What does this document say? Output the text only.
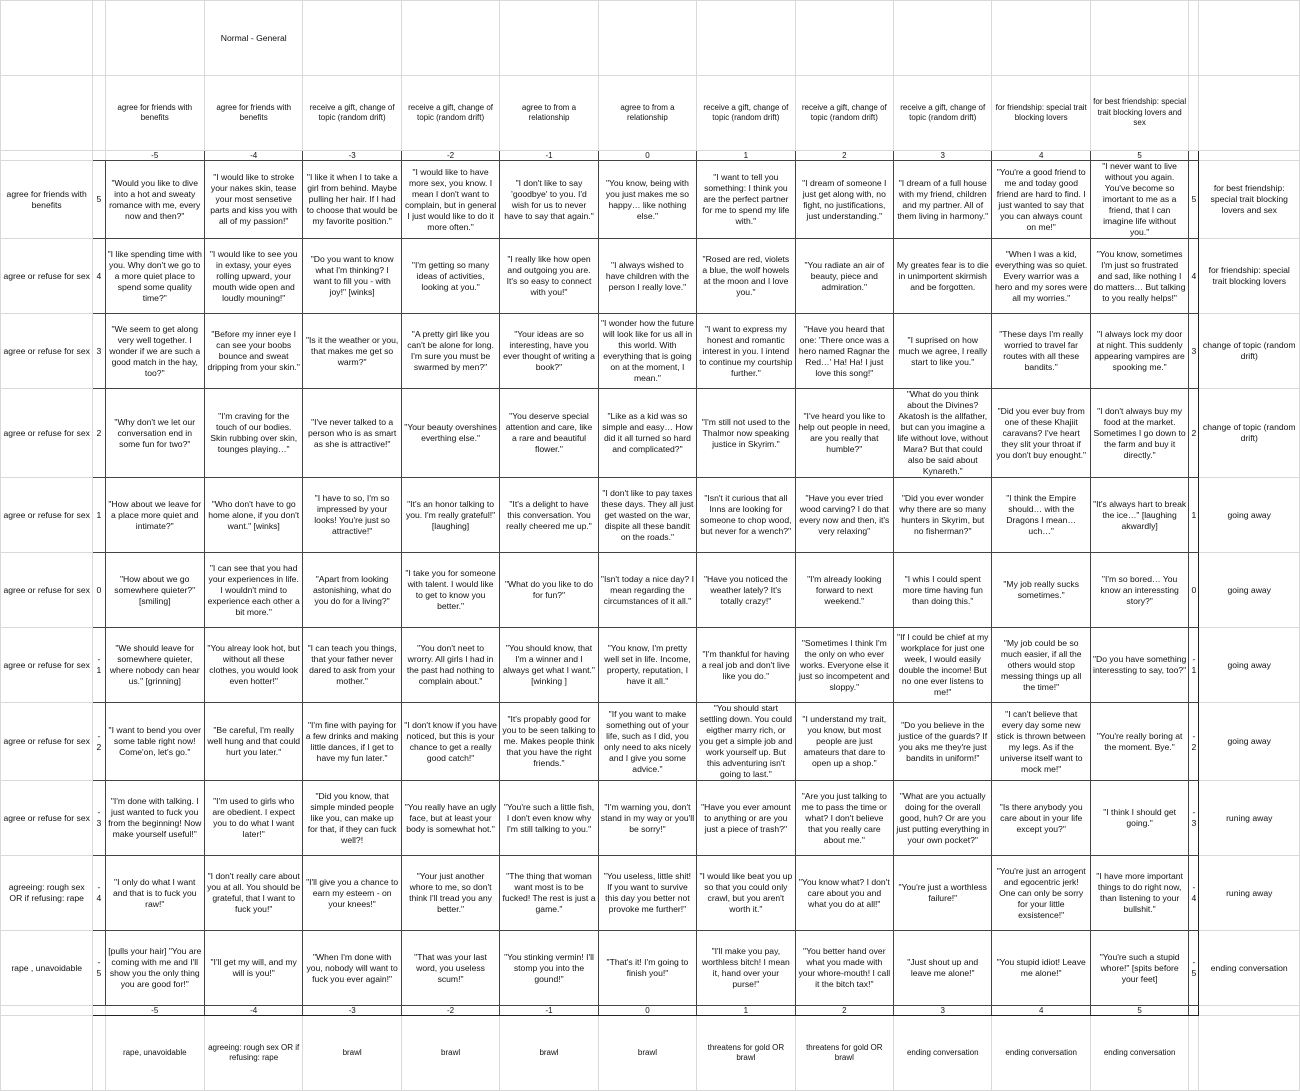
			Normal - General											
		agree for friends with benefits	agree for friends with benefits	receive a gift, change of topic (random drift)	receive a gift, change of topic (random drift)	agree to from a relationship	agree to from a relationship	receive a gift, change of topic (random drift)	receive a gift, change of topic (random drift)	receive a gift, change of topic (random drift)	for friendship: special trait blocking lovers	for best friendship: special trait blocking lovers and sex		
		-5	-4	-3	-2	-1	0	1	2	3	4	5		
agree for friends with benefits	5	"Would you like to dive into a hot and sweaty romance with me, every now and then?"	"I would like to stroke your nakes skin, tease your most sensetive parts and kiss you with all of my passion!"	"I like it when I to take a girl from behind. Maybe pulling her hair. If I had to choose that would be my favorite position."	"I would like to have more sex, you know. I mean I don't want to complain, but in general I just would like to do it more often."	"I don't like to say 'goodbye' to you. I'd wish for us to never have to say that again."	"You know, being with you just makes me so happy… like nothing else."	"I want to tell you something: I think you are the perfect partner for me to spend my life with."	"I dream of someone I just get along with, no fight, no justifications, just understanding."	"I dream of a full house with my friend, children and my partner. All of them living in harmony."	"You're a good friend to me and today good friend are hard to find. I just wanted to say that you can always count on me!"	"I never want to live without you again. You've become so imortant to me as a friend, that I can imagine life without you."	5	for best friendship: special trait blocking lovers and sex
agree or refuse for sex	4	"I like spending time with you. Why don't we go to a more quiet place to spend some quality time?"	"I would like to see you in extasy, your eyes rolling upward, your mouth wide open and loudly mouning!"	"Do you want to know what I'm thinking? I want to fill you - with joy!" [winks]	"I'm getting so many ideas of activities, looking at you."	"I really like how open and outgoing you are. It's so easy to connect with you!"	"I always wished to have children with the person I really love."	"Rosed are red, violets a blue, the wolf howels at the moon and I love you."	"You radiate an air of beauty, piece and admiration."	My greates fear is to die in unimportent skirmish and be forgotten.	"When I was a kid, everything was so quiet. Every warrior was a hero and my sores were all my worries."	"You know, sometimes I'm just so frustrated and sad, like nothing I do matters… But talking to you really helps!"	4	for friendship: special trait blocking lovers
agree or refuse for sex	3	"We seem to get along very well together. I wonder if we are such a good match in the hay, too?"	"Before my inner eye I can see your boobs bounce and sweat dripping from your skin."	"Is it the weather or you, that makes me get so warm?"	"A pretty girl like you can't be alone for long. I'm sure you must be swarmed by men?"	"Your ideas are so interesting, have you ever thought of writing a book?"	"I wonder how the future will look like for us all in this world. With everything that is going on at the moment, I mean."	"I want to express my honest and romantic interest in you. I intend to continue my courtship further."	"Have you heard that one: 'There once was a hero named Ragnar the Red…' Ha! Ha! I just love this song!"	"I suprised on how much we agree, I really start to like you."	"These days I'm really worried to travel far routes with all these bandits."	"I always lock my door at night. This suddenly appearing vampires are spooking me."	3	change of topic (random drift)
agree or refuse for sex	2	"Why don't we let our conversation end in some fun for two?"	"I'm craving for the touch of our bodies. Skin rubbing over skin, tounges playing…"	"I've never talked to a person who is as smart as she is attractive!"	"Your beauty overshines everthing else."	"You deserve special attention and care, like a rare and beautiful flower."	"Like as a kid was so simple and easy… How did it all turned so hard and complicated?"	"I'm still not used to the Thalmor now speaking justice in Skyrim."	"I've heard you like to help out people in need, are you really that humble?"	"What do you think about the Divines? Akatosh is the allfather, but can you imagine a life without love, without Mara? But that could also be said about Kynareth."	"Did you ever buy from one of these Khajiit caravans? I've heart they slit your throat if you don't buy enought."	"I don't always buy my food at the market. Sometimes I go down to the farm and buy it directly."	2	change of topic (random drift)
agree or refuse for sex	1	"How about we leave for a place more quiet and intimate?"	"Who don't have to go home alone, if you don't want." [winks]	"I have to so, I'm so impressed by your looks! You're just so attractive!"	"It's an honor talking to you. I'm really grateful!" [laughing]	"It's a delight to have this conversation. You really cheered me up."	"I don't like to pay taxes these days. They all just get wasted on the war, dispite all these bandit on the roads."	"Isn't it curious that all Inns are looking for someone to chop wood, but never for a wench?"	"Have you ever tried wood carving? I do that every now and then, it's very relaxing"	"Did you ever wonder why there are so many hunters in Skyrim, but no fisherman?"	"I think the Empire should… with the Dragons I mean… uch…"	"It's always hart to break the ice…" [laughing akwardly]	1	going away
agree or refuse for sex	0	"How about we go somewhere quieter?" [smiling]	"I can see that you had your experiences in life. I wouldn't mind to experience each other a bit more."	"Apart from looking astonishing, what do you do for a living?"	"I take you for someone with talent. I would like to get to know you better."	"What do you like to do for fun?"	"Isn't today a nice day? I mean regarding the circumstances of it all."	"Have you noticed the weather lately? It's totally crazy!"	"I'm already looking forward to next weekend."	"I whis I could spent more time having fun than doing this."	"My job really sucks sometimes."	"I'm so bored… You know an interessting story?"	0	going away
agree or refuse for sex	-1	"We should leave for somewhere quieter, where nobody can hear us." [grinning]	"You alreay look hot, but without all these clothes, you would look even hotter!"	"I can teach you things, that your father never dared to ask from your mother."	"You don't neet to wrorry. All girls I had in the past had nothing to complain about."	"You should know, that I'm a winner and I always get what I want." [winking ]	"You know, I'm pretty well set in life. Income, property, reputation, I have it all."	"I'm thankful for having a real job and don't live like you do."	"Sometimes I think I'm the only on who ever works. Everyone else it just so incompetent and sloppy."	"If I could be chief at my workplace for just one week, I would easily double the income! But no one ever listens to me!"	"My job could be so much easier, if all the others would stop messing things up all the time!"	"Do you have something interessting to say, too?"	-1	going away
agree or refuse for sex	-2	"I want to bend you over some table right now! Come'on, let's go."	"Be careful, I'm really well hung and that could hurt you later."	"I'm fine with paying for a few drinks and making little dances, if I get to have my fun later."	"I don't know if you have noticed, but this is your chance to get a really good catch!"	"It's propably good for you to be seen talking to me. Makes people think that you have the right friends."	"If you want to make something out of your life, such as I did, you only need to aks nicely and I give you some advice."	"You should start settling down. You could eigther marry rich, or you get a simple job and work yourself up. But this adventuring isn't going to last."	"I understand my trait, you know, but most people are just amateurs that dare to open up a shop."	"Do you believe in the justice of the guards? If you aks me they're just bandits in uniform!"	"I can't believe that every day some new stick is thrown between my legs. As if the universe itself want to mock me!"	"You're really boring at the moment. Bye."	-2	going away
agree or refuse for sex	-3	"I'm done with talking. I just wanted to fuck you from the beginning! Now make yourself useful!"	"I'm used to girls who are obedient. I expect you to do what I want later!"	"Did you know, that simple minded people like you, can make up for that, if they can fuck well?!	"You really have an ugly face, but at least your body is somewhat hot."	"You're such a little fish, I don't even know why I'm still talking to you."	"I'm warning you, don't stand in my way or you'll be sorry!"	"Have you ever amount to anything or are you just a piece of trash?"	"Are you just talking to me to pass the time or what? I don't believe that you really care about me."	"What are you actually doing for the overall good, huh? Or are you just putting everything in your own pocket?"	"Is there anybody you care about in your life except you?"	"I think I should get going."	-3	runing away
agreeing: rough sex OR if refusing: rape	-4	"I only do what I want and that is to fuck you raw!"	"I don't really care about you at all. You should be grateful, that I want to fuck you!"	"I'll give you a chance to earn my esteem - on your knees!"	"Your just another whore to me, so don't think I'll tread you any better."	"The thing that woman want most is to be fucked! The rest is just a game."	"You useless, little shit! If you want to survive this day you better not provoke me further!"	"I would like beat you up so that you could only crawl, but you aren't worth it."	"You know what? I don't care about you and what you do at all!"	"You're just a worthless failure!"	"You're just an arrogent and egocentric jerk! One can only be sorry for your little exsistence!"	"I have more important things to do right now, than listening to your bullshit."	-4	runing away
rape , unavoidable	-5	[pulls your hair] "You are coming with me and I'll show you the only thing you are good for!"	"I'll get my will, and my will is you!"	"When I'm done with you, nobody will want to fuck you ever again!"	"That was your last word, you useless scum!"	"You stinking vermin! I'll stomp you into the gound!"	"That's it! I'm going to finish you!"	"I'll make you pay, worthless bitch! I mean it, hand over your purse!"	"You better hand over what you made with your whore-mouth! I call it the bitch tax!"	"Just shout up and leave me alone!"	"You stupid idiot! Leave me alone!"	"You're such a stupid whore!" [spits before your feet]	-5	ending conversation
		-5	-4	-3	-2	-1	0	1	2	3	4	5		
		rape, unavoidable	agreeing: rough sex OR if refusing: rape	brawl	brawl	brawl	brawl	threatens for gold OR brawl	threatens for gold OR brawl	ending conversation	ending conversation	ending conversation		
